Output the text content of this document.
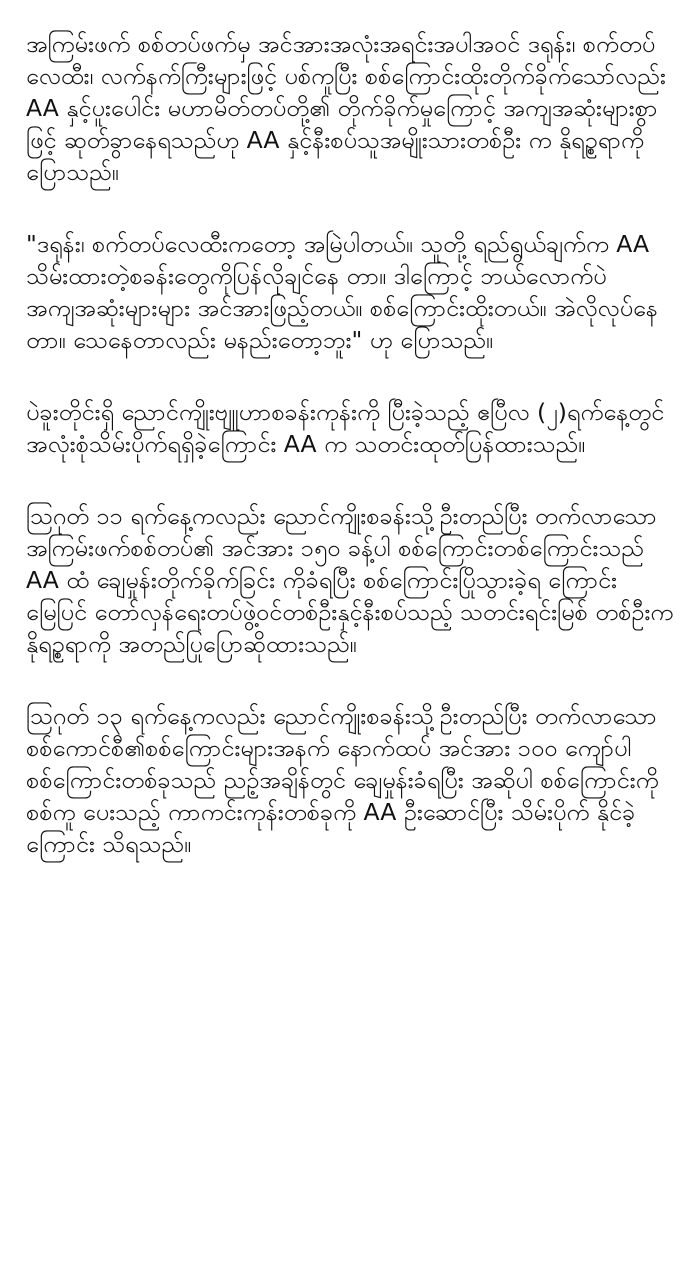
အကြမ်းဖက် စစ်တပ်ဖက်မှ အင်အားအလုံးအရင်းအပါအဝင် ဒရုန်း၊ စက်တပ် လေထီး၊ လက်နက်ကြီးများဖြင့် ပစ်ကူပြီး စစ်ကြောင်းထိုးတိုက်ခိုက်သော်လည်း AA နှင့်ပူးပေါင်း မဟာမိတ်တပ်တို့၏ တိုက်ခိုက်မှုကြောင့် အကျအဆုံးများစွာ ဖြင့် ဆုတ်ခွာနေရသည်ဟု AA နှင့်နီးစပ်သူအမျိုးသားတစ်ဦး က နိုရဉ္စရာကို ပြောသည်။

"ဒရုန်း၊ စက်တပ်လေထီးကတော့ အမြဲပါတယ်။ သူတို့ ရည်ရွယ်ချက်က AA သိမ်းထားတဲ့စခန်းတွေကိုပြန်လိုချင်နေ တာ။ ဒါကြောင့် ဘယ်လောက်ပဲအကျအဆုံးများများ အင်အားဖြည့်တယ်။ စစ်ကြောင်းထိုးတယ်။ အဲလိုလုပ်နေ တာ။ သေနေတာလည်း မနည်းတော့ဘူး" ဟု ပြောသည်။

ပဲခူးတိုင်းရှိ ညောင်ကျိုးဗျူဟာစခန်းကုန်းကို ပြီးခဲ့သည့် ဧပြီလ (၂)ရက်နေ့တွင် အလုံးစုံသိမ်းပိုက်ရရှိခဲ့ကြောင်း AA က သတင်းထုတ်ပြန်ထားသည်။

ဩဂုတ် ၁၁ ရက်နေ့ကလည်း ညောင်ကျိုးစခန်းသို့ဦးတည်ပြီး တက်လာသော အကြမ်းဖက်စစ်တပ်၏ အင်အား ၁၅၀ ခန့်ပါ စစ်ကြောင်းတစ်ကြောင်းသည် AA ထံ ချေမှုန်းတိုက်ခိုက်ခြင်း ကိုခံရပြီး စစ်ကြောင်းပြိုသွားခဲ့ရ ကြောင်း မြေပြင် တော်လှန်ရေးတပ်ဖွဲ့ဝင်တစ်ဦးနှင့်နီးစပ်သည့် သတင်းရင်းမြစ် တစ်ဦးက နိုရဉ္စရာကို အတည်ပြုပြောဆိုထားသည်။

ဩဂုတ် ၁၃ ရက်နေ့ကလည်း ညောင်ကျိုးစခန်းသို့ဦးတည်ပြီး တက်လာသော စစ်ကောင်စီ၏စစ်ကြောင်းများအနက် နောက်ထပ် အင်အား ၁၀၀ ကျော်ပါစစ်ကြောင်းတစ်ခုသည် ညဉ့်အချိန်တွင် ချေမှုန်းခံရပြီး အဆိုပါ စစ်ကြောင်းကို စစ်ကူ ပေးသည့် ကာကင်းကုန်းတစ်ခုကို AA ဦးဆောင်ပြီး သိမ်းပိုက် နိုင်ခဲ့ကြောင်း သိရသည်။
